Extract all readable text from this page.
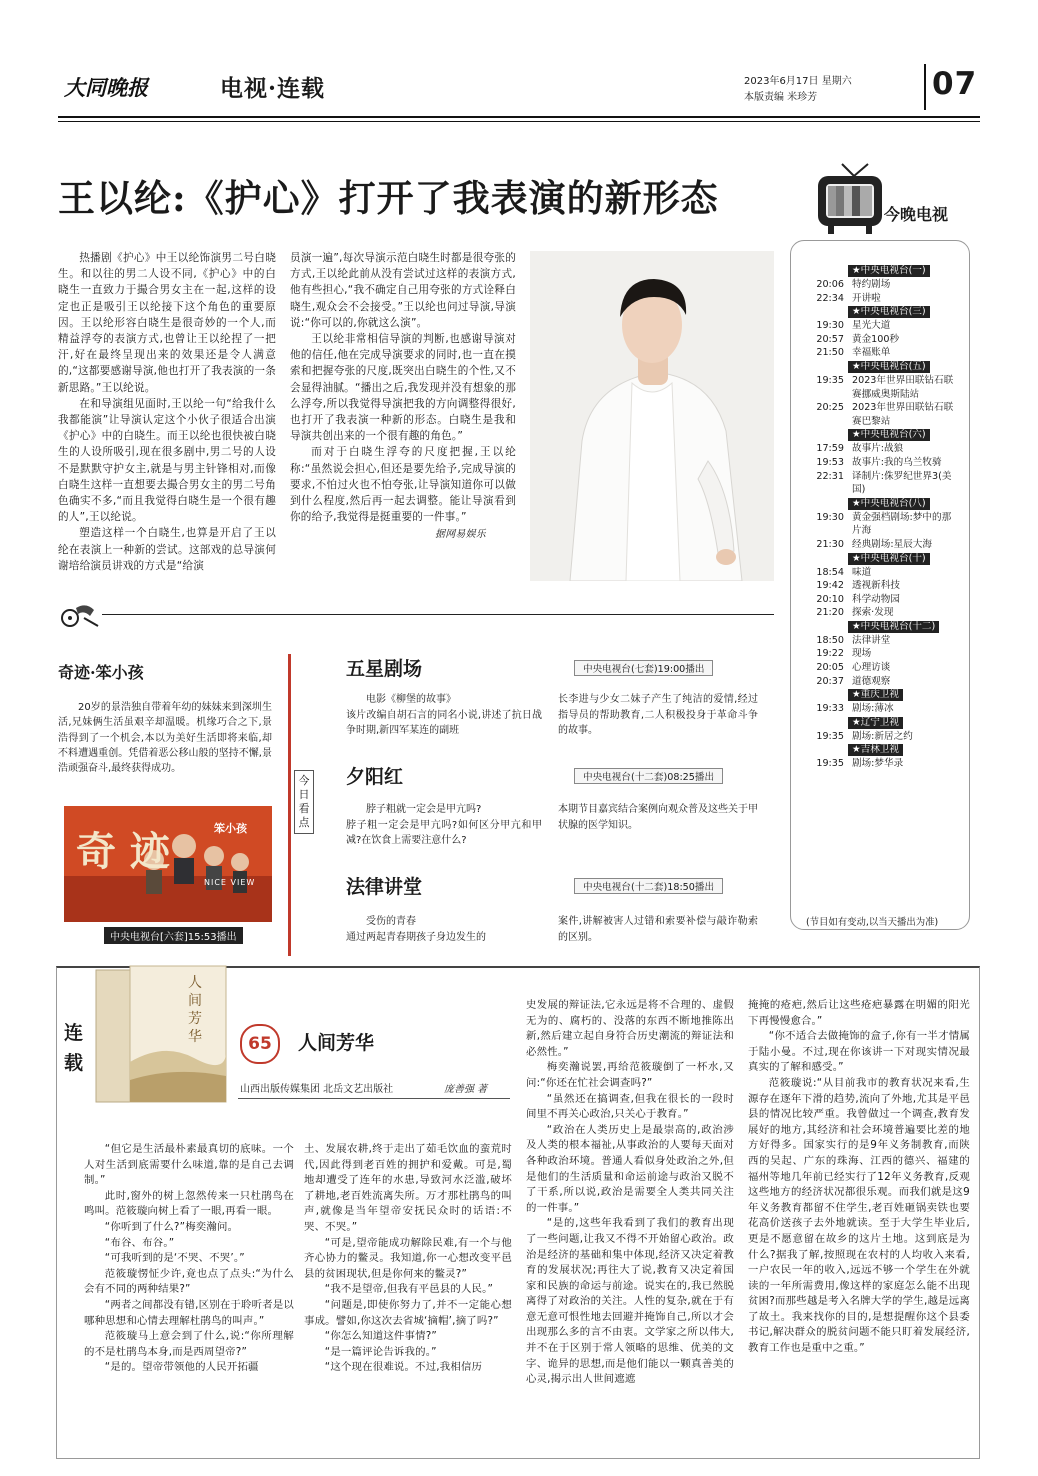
大同晚报	电视·连载	2023年6月17日 星期六
本版责编 米珍芳	07
王以纶:《护心》打开了我表演的新形态

热播剧《护心》中王以纶饰演男二号白晓生。和以往的男二人设不同,《护心》中的白晓生一直致力于撮合男女主在一起,这样的设定也正是吸引王以纶接下这个角色的重要原因。王以纶形容白晓生是很奇妙的一个人,而精益浮夸的表演方式,也曾让王以纶捏了一把汗,好在最终呈现出来的效果还是令人满意的,“这都要感谢导演,他也打开了我表演的一条新思路。”王以纶说。

在和导演组见面时,王以纶一句“给我什么我都能演”让导演认定这个小伙子很适合出演《护心》中的白晓生。而王以纶也很快被白晓生的人设所吸引,现在很多剧中,男二号的人设不是默默守护女主,就是与男主针锋相对,而像白晓生这样一直想要去撮合男女主的男二号角色确实不多,“而且我觉得白晓生是一个很有趣的人”,王以纶说。

塑造这样一个白晓生,也算是开启了王以纶在表演上一种新的尝试。这部戏的总导演何谢培给演员讲戏的方式是“给演

员演一遍”,每次导演示范白晓生时都是很夸张的方式,王以纶此前从没有尝试过这样的表演方式,他有些担心,“我不确定自己用夸张的方式诠释白晓生,观众会不会接受。”王以纶也问过导演,导演说:“你可以的,你就这么演”。

王以纶非常相信导演的判断,也感谢导演对他的信任,他在完成导演要求的同时,也一直在摸索和把握夸张的尺度,既突出白晓生的个性,又不会显得油腻。“播出之后,我发现并没有想象的那么浮夸,所以我觉得导演把我的方向调整得很好,也打开了我表演一种新的形态。白晓生是我和导演共创出来的一个很有趣的角色。”

而对于白晓生浮夸的尺度把握,王以纶称:“虽然说会担心,但还是要先给予,完成导演的要求,不怕过火也不怕夸张,让导演知道你可以做到什么程度,然后再一起去调整。能让导演看到你的给予,我觉得是挺重要的一件事。”

据网易娱乐
今晚电视
★中央电视台(一)
20:06 特约剧场
22:34 开讲啦
★中央电视台(三)
19:30 星光大道
20:57 黄金100秒
21:50 幸福账单
★中央电视台(五)
19:35 2023年世界田联钻石联赛挪威奥斯陆站
20:25 2023年世界田联钻石联赛巴黎站
★中央电视台(六)
17:59 故事片:战狼
19:53 故事片:我的乌兰牧骑
22:31 译制片:侏罗纪世界3(美国)
★中央电视台(八)
19:30 黄金强档剧场:梦中的那片海
21:30 经典剧场:星辰大海
★中央电视台(十)
18:54 味道
19:42 透视新科技
20:10 科学动物园
21:20 探索·发现
★中央电视台(十二)
18:50 法律讲堂
19:22 现场
20:05 心理访谈
20:37 道德观察
★重庆卫视
19:33 剧场:薄冰
★辽宁卫视
19:35 剧场:新居之约
★吉林卫视
19:35 剧场:梦华录
(节目如有变动,以当天播出为准)
奇迹·笨小孩
20岁的景浩独自带着年幼的妹妹来到深圳生活,兄妹俩生活虽艰辛却温暖。机缘巧合之下,景浩得到了一个机会,本以为美好生活即将来临,却不料遭遇重创。凭借着恶公移山般的坚持不懈,景浩顽强奋斗,最终获得成功。
奇迹	笨小孩
NICE VIEW
中央电视台[六套]15:53播出
今日看点
五星剧场	中央电视台(七套)19:00播出
电影《柳堡的故事》
该片改编自胡石言的同名小说,讲述了抗日战争时期,新四军某连的副班
长李进与少女二妹子产生了纯洁的爱情,经过指导员的帮助教育,二人积极投身于革命斗争的故事。
夕阳红	中央电视台(十二套)08:25播出
脖子粗就一定会是甲亢吗?
脖子粗一定会是甲亢吗?如何区分甲亢和甲减?在饮食上需要注意什么?
本期节目嘉宾结合案例向观众普及这些关于甲状腺的医学知识。
法律讲堂	中央电视台(十二套)18:50播出
受伤的青春
通过两起青春期孩子身边发生的
案件,讲解被害人过错和索要补偿与敲诈勒索的区别。
连载
人间芳华	65	人间芳华
山西出版传媒集团 北岳文艺出版社	庞善强 著

“但它是生活最朴素最真切的底味。一个人对生活到底需要什么味道,靠的是自己去调制。”

此时,窗外的树上忽然传来一只杜鹃鸟在鸣叫。范筱璇向树上看了一眼,再看一眼。

“你听到了什么?”梅奕瀚问。

“布谷、布谷。”

“可我听到的是‘不哭、不哭’。”

范筱璇愣怔少许,竟也点了点头:“为什么会有不同的两种结果?”

“两者之间都没有错,区别在于聆听者是以哪种思想和心情去理解杜鹃鸟的叫声。”

范筱璇马上意会到了什么,说:“你所理解的不是杜鹃鸟本身,而是西周望帝?”

“是的。望帝带领他的人民开拓疆

土、发展农耕,终于走出了茹毛饮血的蛮荒时代,因此得到老百姓的拥护和爱戴。可是,蜀地却遭受了连年的水患,导致河水泛滥,破坏了耕地,老百姓流离失所。万才那杜鹃鸟的叫声,就像是当年望帝安抚民众时的话语:不哭、不哭。”

“可是,望帝能成功解除民难,有一个与他齐心协力的鳖灵。我知道,你一心想改变平邑县的贫困现状,但是你何来的鳖灵?”

“我不是望帝,但我有平邑县的人民。”

“问题是,即使你努力了,并不一定能心想事成。譬如,你这次去省城‘摘帽’,摘了吗?”

“你怎么知道这件事情?”

“是一篇评论告诉我的。”

“这个现在很难说。不过,我相信历

史发展的辩证法,它永远是将不合理的、虚假无为的、腐朽的、没落的东西不断地推陈出新,然后建立起自身符合历史潮流的辩证法和必然性。”

梅奕瀚说罢,再给范筱璇倒了一杯水,又问:“你还在忙社会调查吗?”

“虽然还在搞调查,但我在很长的一段时间里不再关心政治,只关心于教育。”

“政治在人类历史上是最崇高的,政治涉及人类的根本福祉,从事政治的人要每天面对各种政治环境。普通人看似身处政治之外,但是他们的生活质量和命运前途与政治又脱不了干系,所以说,政治是需要全人类共同关注的一件事。”

“是的,这些年我看到了我们的教育出现了一些问题,让我又不得不开始留心政治。政治是经济的基础和集中体现,经济又决定着教育的发展状况;再往大了说,教育又决定着国家和民族的命运与前途。说实在的,我已然脱离得了对政治的关注。人性的复杂,就在于有意无意可恨性地去回避并掩饰自己,所以才会出现那么多的言不由衷。文学家之所以伟大,并不在于区别于常人领略的思维、优美的文字、诡异的思想,而是他们能以一颗真善美的心灵,揭示出人世间遮遮

掩掩的疮疤,然后让这些疮疤暴露在明媚的阳光下再慢慢愈合。”

“你不适合去做掩饰的盒子,你有一半才情属于陆小曼。不过,现在你该讲一下对现实情况最真实的了解和感受。”

范筱璇说:“从目前我市的教育状况来看,生源存在逐年下滑的趋势,流向了外地,尤其是平邑县的情况比较严重。我曾做过一个调查,教育发展好的地方,其经济和社会环境普遍要比差的地方好得多。国家实行的是9年义务制教育,而陕西的吴起、广东的珠海、江西的德兴、福建的福州等地几年前已经实行了12年义务教育,反观这些地方的经济状况都很乐观。而我们就是这9年义务教育都留不住学生,老百姓砸锅卖铁也要花高价送孩子去外地就读。至于大学生毕业后,更是不愿意留在故乡的这片土地。这到底是为什么?据我了解,按照现在农村的人均收入来看,一户农民一年的收入,远远不够一个学生在外就读的一年所需费用,像这样的家庭怎么能不出现贫困?而那些越是考入名牌大学的学生,越是远离了故土。我来找你的目的,是想提醒你这个县委书记,解决群众的脱贫问题不能只盯着发展经济,教育工作也是重中之重。”
